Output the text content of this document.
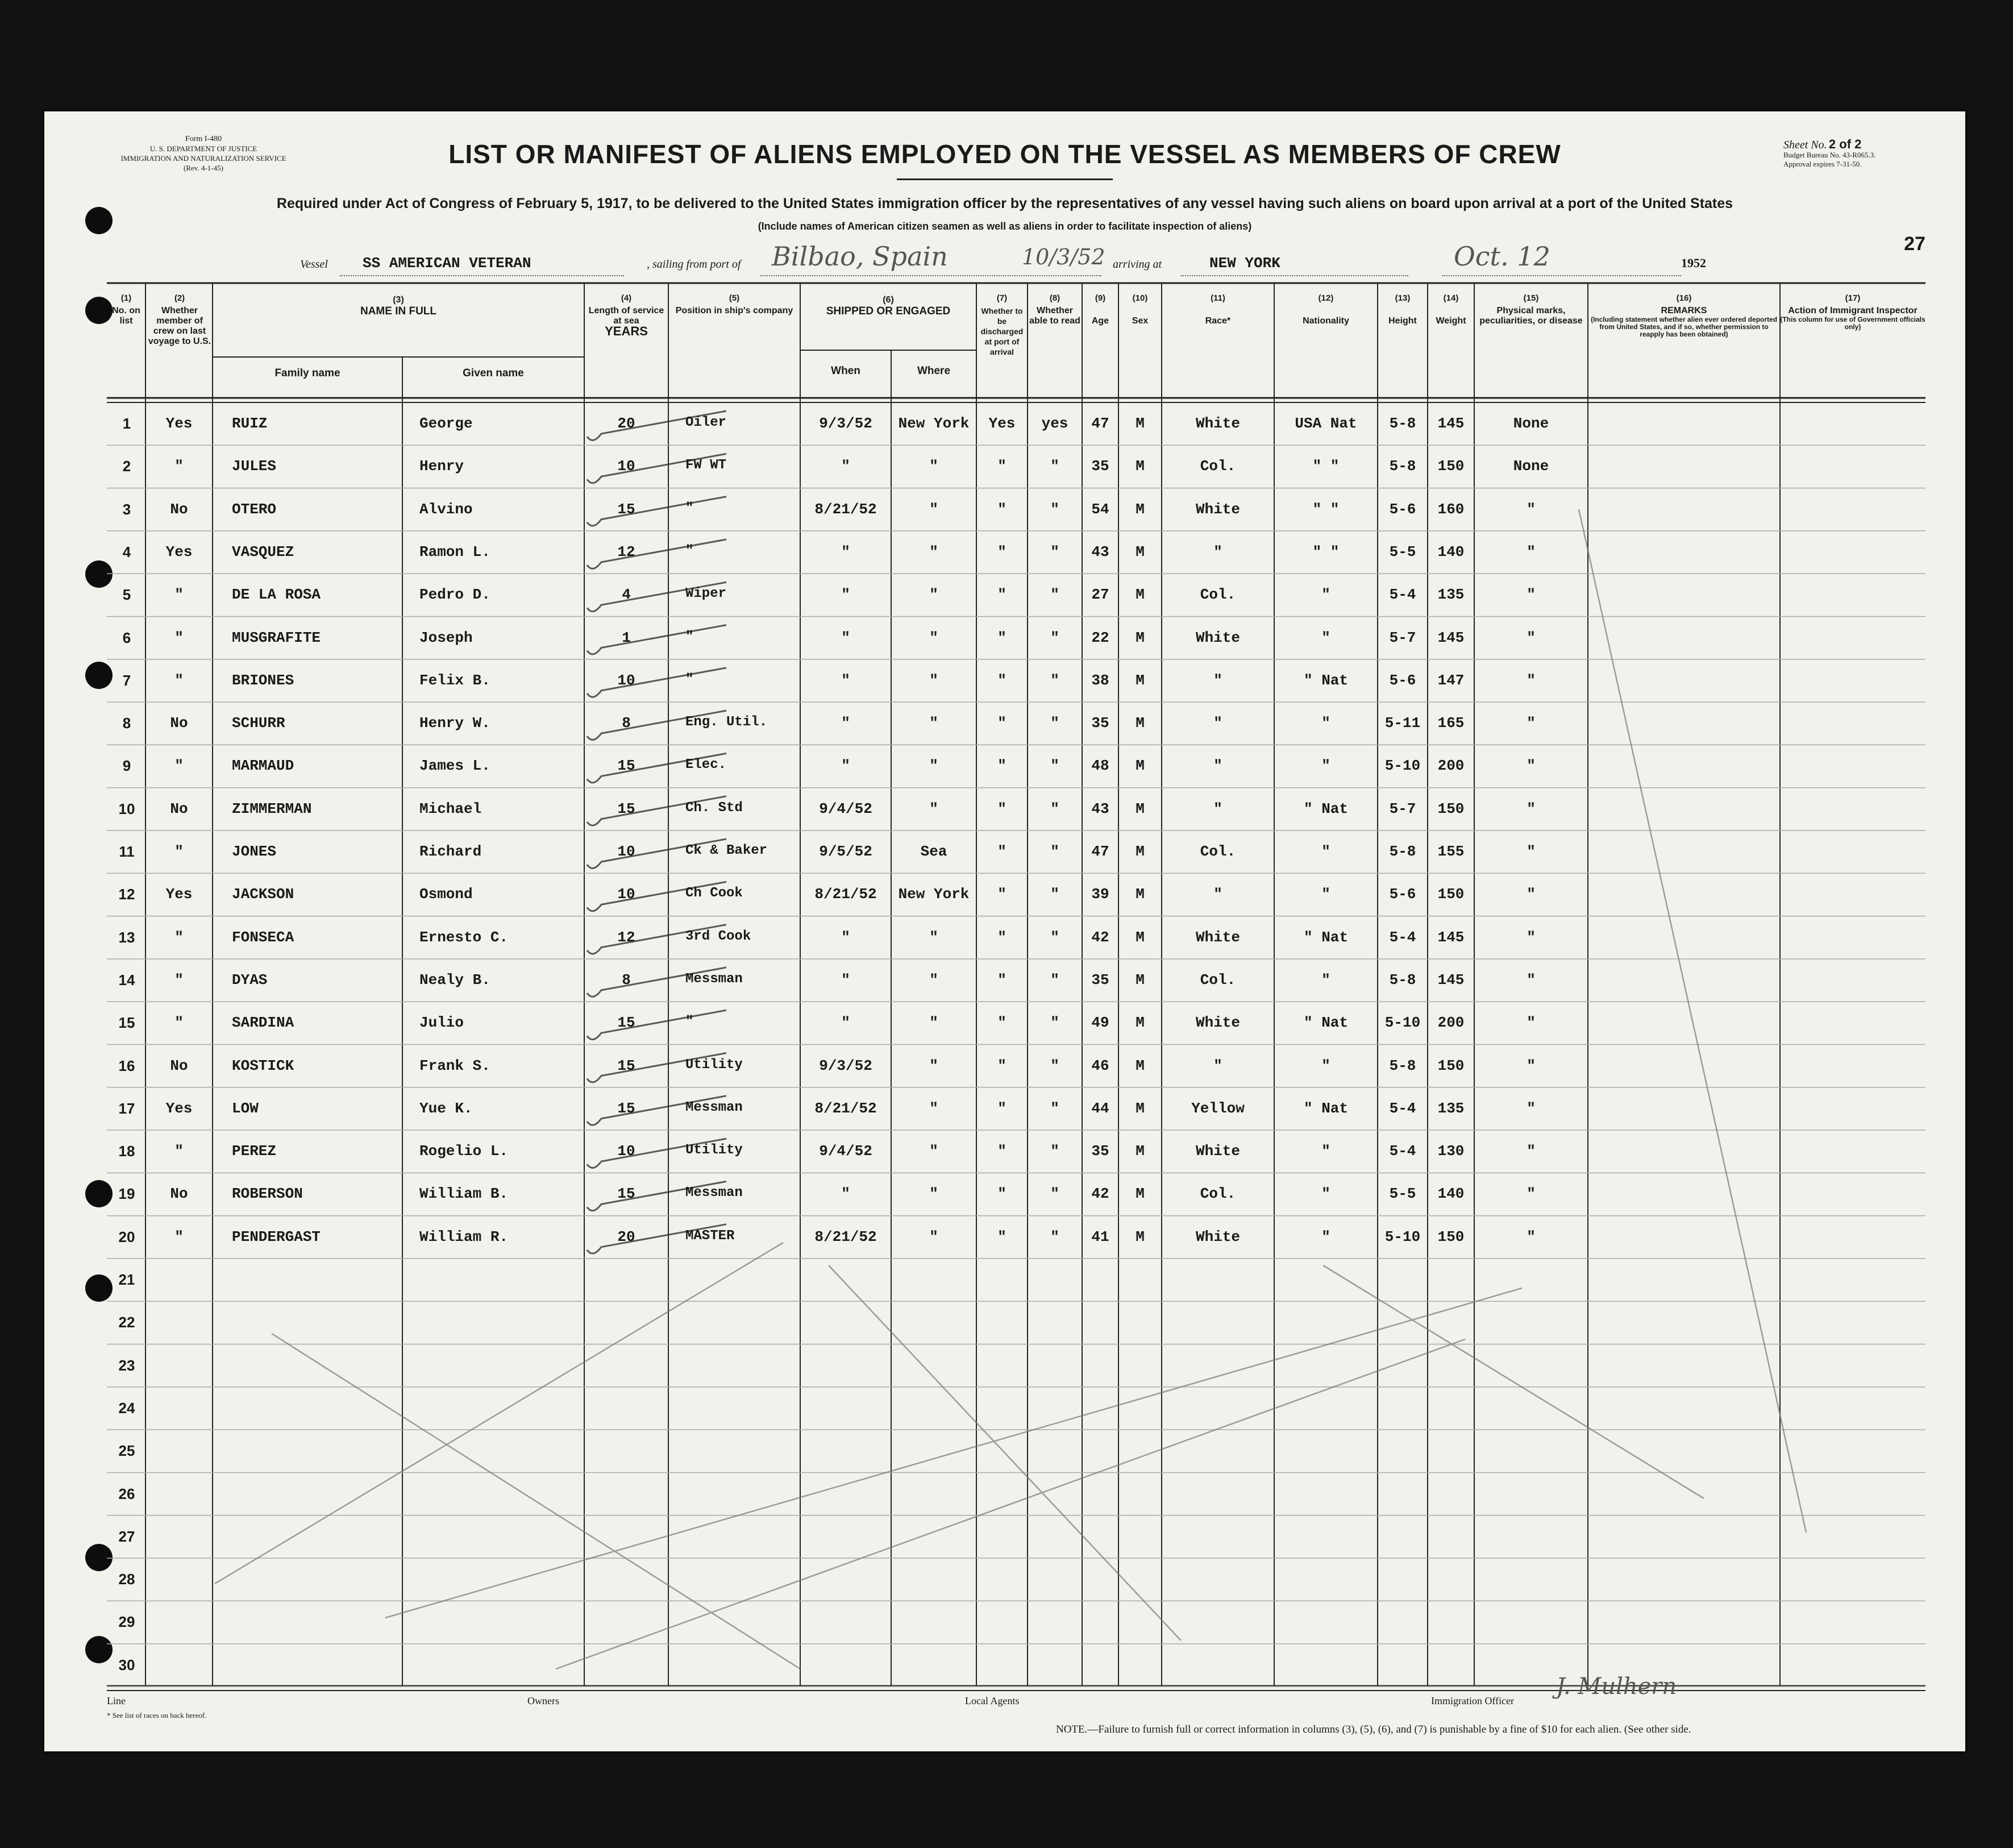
Form I-480
U. S. DEPARTMENT OF JUSTICE
IMMIGRATION AND NATURALIZATION SERVICE
(Rev. 4-1-45)	LIST OR MANIFEST OF ALIENS EMPLOYED ON THE VESSEL AS MEMBERS OF CREW
Required under Act of Congress of February 5, 1917, to be delivered to the United States immigration officer by the representatives of any vessel having such aliens on board upon arrival at a port of the United States
(Include names of American citizen seamen as well as aliens in order to facilitate inspection of aliens)
Sheet No. 2 of 2
Budget Bureau No. 43-R065.3.
Approval expires 7-31-50.
27
Vessel SS AMERICAN VETERAN	, sailing from port of Bilbao, Spain	10/3/52 arriving at	NEW YORK	Oct. 12	1952
(1)
No. on list
(2)
Whether member of crew on last voyage to U.S.
(3)
NAME IN FULL
Family name	Given name
(4)
Length of service at sea
YEARS
(5)
Position in ship's company
(6)
SHIPPED OR ENGAGED
When	Where
(7)
Whether to be discharged at port of arrival
(8)
Whether able to read
(9)

Age
(10)

Sex
(11)

Race*
(12)

Nationality
(13)

Height
(14)

Weight
(15)
Physical marks, peculiarities, or disease
(16)
REMARKS

(Including statement whether alien ever ordered deported from United States, and if so, whether permission to reapply has been obtained)
(17)
Action of Immigrant Inspector

(This column for use of Government officials only)
1	Yes	RUIZ	George	20	Oiler	9/3/52	New York	Yes	yes	47	M	White	USA Nat	5-8	145	None
2	"	JULES	Henry	10	FW WT	"	"	"	"	35	M	Col.	" "	5-8	150	None
3	No	OTERO	Alvino	15	"	8/21/52	"	"	"	54	M	White	" "	5-6	160	"
4	Yes	VASQUEZ	Ramon L.	12	"	"	"	"	"	43	M	"	" "	5-5	140	"
5	"	DE LA ROSA	Pedro D.	4	Wiper	"	"	"	"	27	M	Col.	"	5-4	135	"
6	"	MUSGRAFITE	Joseph	1	"	"	"	"	"	22	M	White	"	5-7	145	"
7	"	BRIONES	Felix B.	10	"	"	"	"	"	38	M	"	" Nat	5-6	147	"
8	No	SCHURR	Henry W.	8	Eng. Util.	"	"	"	"	35	M	"	"	5-11	165	"
9	"	MARMAUD	James L.	15	Elec.	"	"	"	"	48	M	"	"	5-10	200	"
10	No	ZIMMERMAN	Michael	15	Ch. Std	9/4/52	"	"	"	43	M	"	" Nat	5-7	150	"
11	"	JONES	Richard	10	Ck & Baker	9/5/52	Sea	"	"	47	M	Col.	"	5-8	155	"
12	Yes	JACKSON	Osmond	10	Ch Cook	8/21/52	New York	"	"	39	M	"	"	5-6	150	"
13	"	FONSECA	Ernesto C.	12	3rd Cook	"	"	"	"	42	M	White	" Nat	5-4	145	"
14	"	DYAS	Nealy B.	8	Messman	"	"	"	"	35	M	Col.	"	5-8	145	"
15	"	SARDINA	Julio	15	"	"	"	"	"	49	M	White	" Nat	5-10	200	"
16	No	KOSTICK	Frank S.	15	Utility	9/3/52	"	"	"	46	M	"	"	5-8	150	"
17	Yes	LOW	Yue K.	15	Messman	8/21/52	"	"	"	44	M	Yellow	" Nat	5-4	135	"
18	"	PEREZ	Rogelio L.	10	Utility	9/4/52	"	"	"	35	M	White	"	5-4	130	"
19	No	ROBERSON	William B.	15	Messman	"	"	"	"	42	M	Col.	"	5-5	140	"
20	"	PENDERGAST	William R.	20	MASTER	8/21/52	"	"	"	41	M	White	"	5-10	150	"
21
22
23
24
25
26
27
28
29
30
Line	Owners	Local Agents	Immigration Officer
J. Mulhern
* See list of races on back hereof.
NOTE.—Failure to furnish full or correct information in columns (3), (5), (6), and (7) is punishable by a fine of $10 for each alien. (See other side.
